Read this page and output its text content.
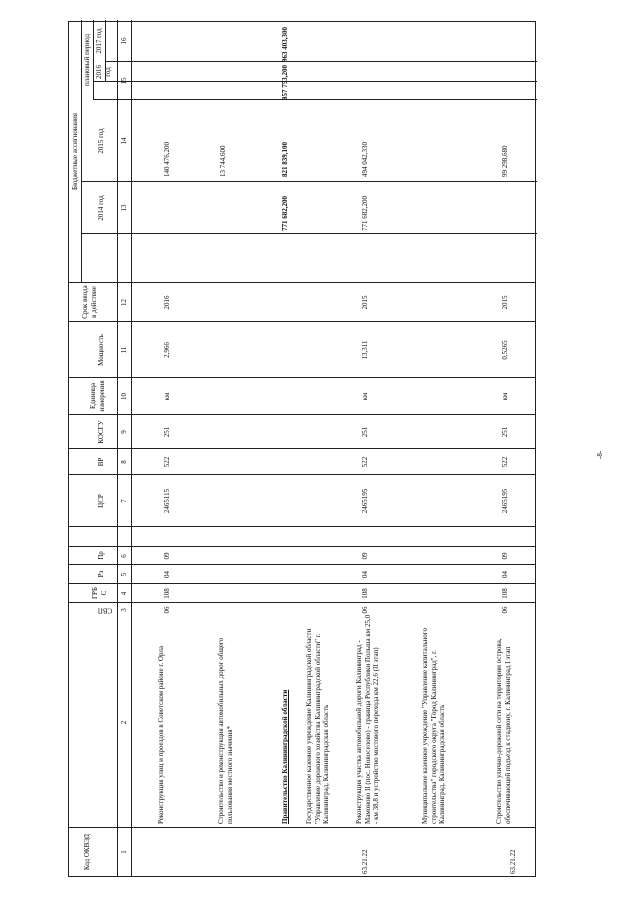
Код ОКВЭД
СВП
ГРБ С
Рз
Пр
ЦСР
ВР
КОСГУ
Единица измерения
Мощность
Срок ввода в действие
Бюджетные ассигнования
плановый период
2014 год
2015 год
2016 год
2017 год
1
2
3
4
5
6
7
8
9
10
11
12
13
14
15
16
Реконструкция улиц и проездов в Советском районе г. Орла
06
108
04
09
2465115
522
251
км
2,966
2016
140 476,200
Строительство и реконструкция автомобильных дорог общего пользования местного значения*
13 744,600
Правительство Калининградской области
771 682,200
821 839,100
857 753,200
963 403,300
Государственное казенное учреждение Калининградской области "Управление дорожного хозяйства Калининградской области" г. Калининград, Калининградская область
63.21.22
Реконструкция участка автомобильной дороги Калининград - Мамоново II (пос. Новоселово) - граница Республики Польша км 25,0 - км 38,8 и устройство мостового перехода км 22,6 (II этап)
06
108
04
09
2465195
522
251
км
13,311
2015
771 682,200
494 042,330
Муниципальное казенное учреждение "Управление капитального строительства" городского округа "Город Калининград", г. Калининград, Калининградская область
63.21.22
Строительство улично-дорожной сети на территории острова, обеспечивающей подъезд к стадиону, г. Калининград I этап
06
108
04
09
2465195
522
251
км
0,5265
2015
99 298,680
-8-
